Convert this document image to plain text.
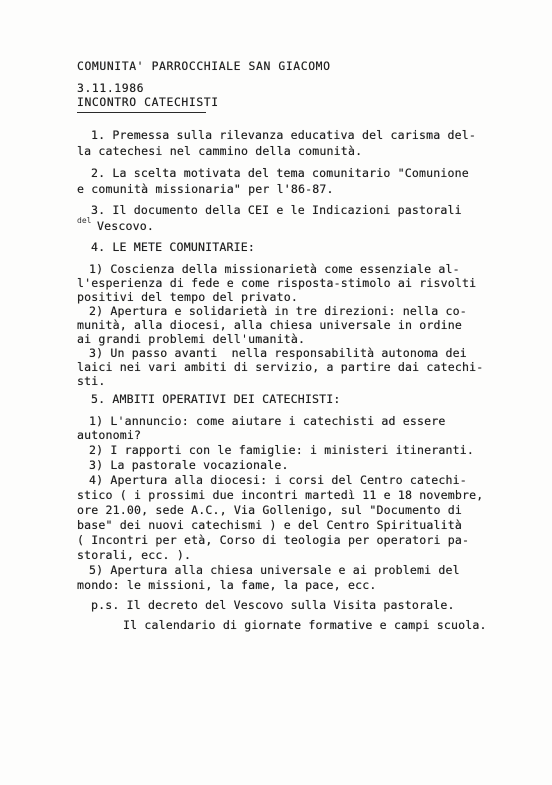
COMUNITA' PARROCCHIALE SAN GIACOMO
3.11.1986
INCONTRO CATECHISTI
1. Premessa sulla rilevanza educativa del carisma del-
la catechesi nel cammino della comunità.
2. La scelta motivata del tema comunitario "Comunione
e comunità missionaria" per l'86-87.
3. Il documento della CEI e le Indicazioni pastorali
del Vescovo.
4. LE METE COMUNITARIE:
1) Coscienza della missionarietà come essenziale al-
l'esperienza di fede e come risposta-stimolo ai risvolti
positivi del tempo del privato.
2) Apertura e solidarietà in tre direzioni: nella co-
munità, alla diocesi, alla chiesa universale in ordine
ai grandi problemi dell'umanità.
3) Un passo avanti  nella responsabilità autonoma dei
laici nei vari ambiti di servizio, a partire dai catechi-
sti.
5. AMBITI OPERATIVI DEI CATECHISTI:
1) L'annuncio: come aiutare i catechisti ad essere
autonomi?
2) I rapporti con le famiglie: i ministeri itineranti.
3) La pastorale vocazionale.
4) Apertura alla diocesi: i corsi del Centro catechi-
stico ( i prossimi due incontri martedì 11 e 18 novembre,
ore 21.00, sede A.C., Via Gollenigo, sul "Documento di
base" dei nuovi catechismi ) e del Centro Spiritualità
( Incontri per età, Corso di teologia per operatori pa-
storali, ecc. ).
5) Apertura alla chiesa universale e ai problemi del
mondo: le missioni, la fame, la pace, ecc.
p.s. Il decreto del Vescovo sulla Visita pastorale.
Il calendario di giornate formative e campi scuola.
